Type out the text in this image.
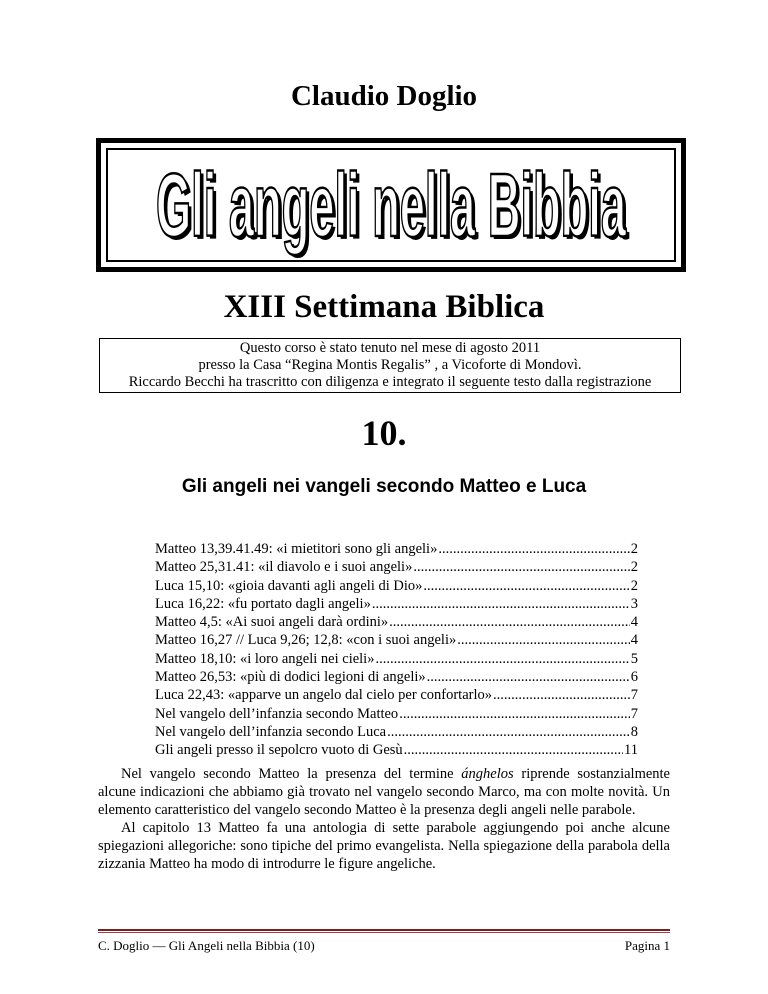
Claudio Doglio
Gli angeli nella Bibbia
Gli angeli nella Bibbia
XIII Settimana Biblica
Questo corso è stato tenuto nel mese di agosto 2011
presso la Casa “Regina Montis Regalis” , a Vicoforte di Mondovì.
Riccardo Becchi ha trascritto con diligenza e integrato il seguente testo dalla registrazione
10.
Gli angeli nei vangeli secondo Matteo e Luca
Matteo 13,39.41.49: «i mietitori sono gli angeli» .....	2
Matteo 25,31.41: «il diavolo e i suoi angeli» .....	2
Luca 15,10: «gioia davanti agli angeli di Dio» .....	2
Luca 16,22: «fu portato dagli angeli» .....	3
Matteo 4,5: «Ai suoi angeli darà ordini» .....	4
Matteo 16,27 // Luca 9,26; 12,8: «con i suoi angeli» .....	4
Matteo 18,10: «i loro angeli nei cieli» .....	5
Matteo 26,53: «più di dodici legioni di angeli» .....	6
Luca 22,43: «apparve un angelo dal cielo per confortarlo» .....	7
Nel vangelo dell’infanzia secondo Matteo .....	7
Nel vangelo dell’infanzia secondo Luca .....	8
Gli angeli presso il sepolcro vuoto di Gesù .....	11

Nel vangelo secondo Matteo la presenza del termine ánghelos riprende sostanzialmente alcune indicazioni che abbiamo già trovato nel vangelo secondo Marco, ma con molte novità. Un elemento caratteristico del vangelo secondo Matteo è la presenza degli angeli nelle parabole.

Al capitolo 13 Matteo fa una antologia di sette parabole aggiungendo poi anche alcune spiegazioni allegoriche: sono tipiche del primo evangelista. Nella spiegazione della parabola della zizzania Matteo ha modo di introdurre le figure angeliche.

C. Doglio — Gli Angeli nella Bibbia (10)	Pagina 1
